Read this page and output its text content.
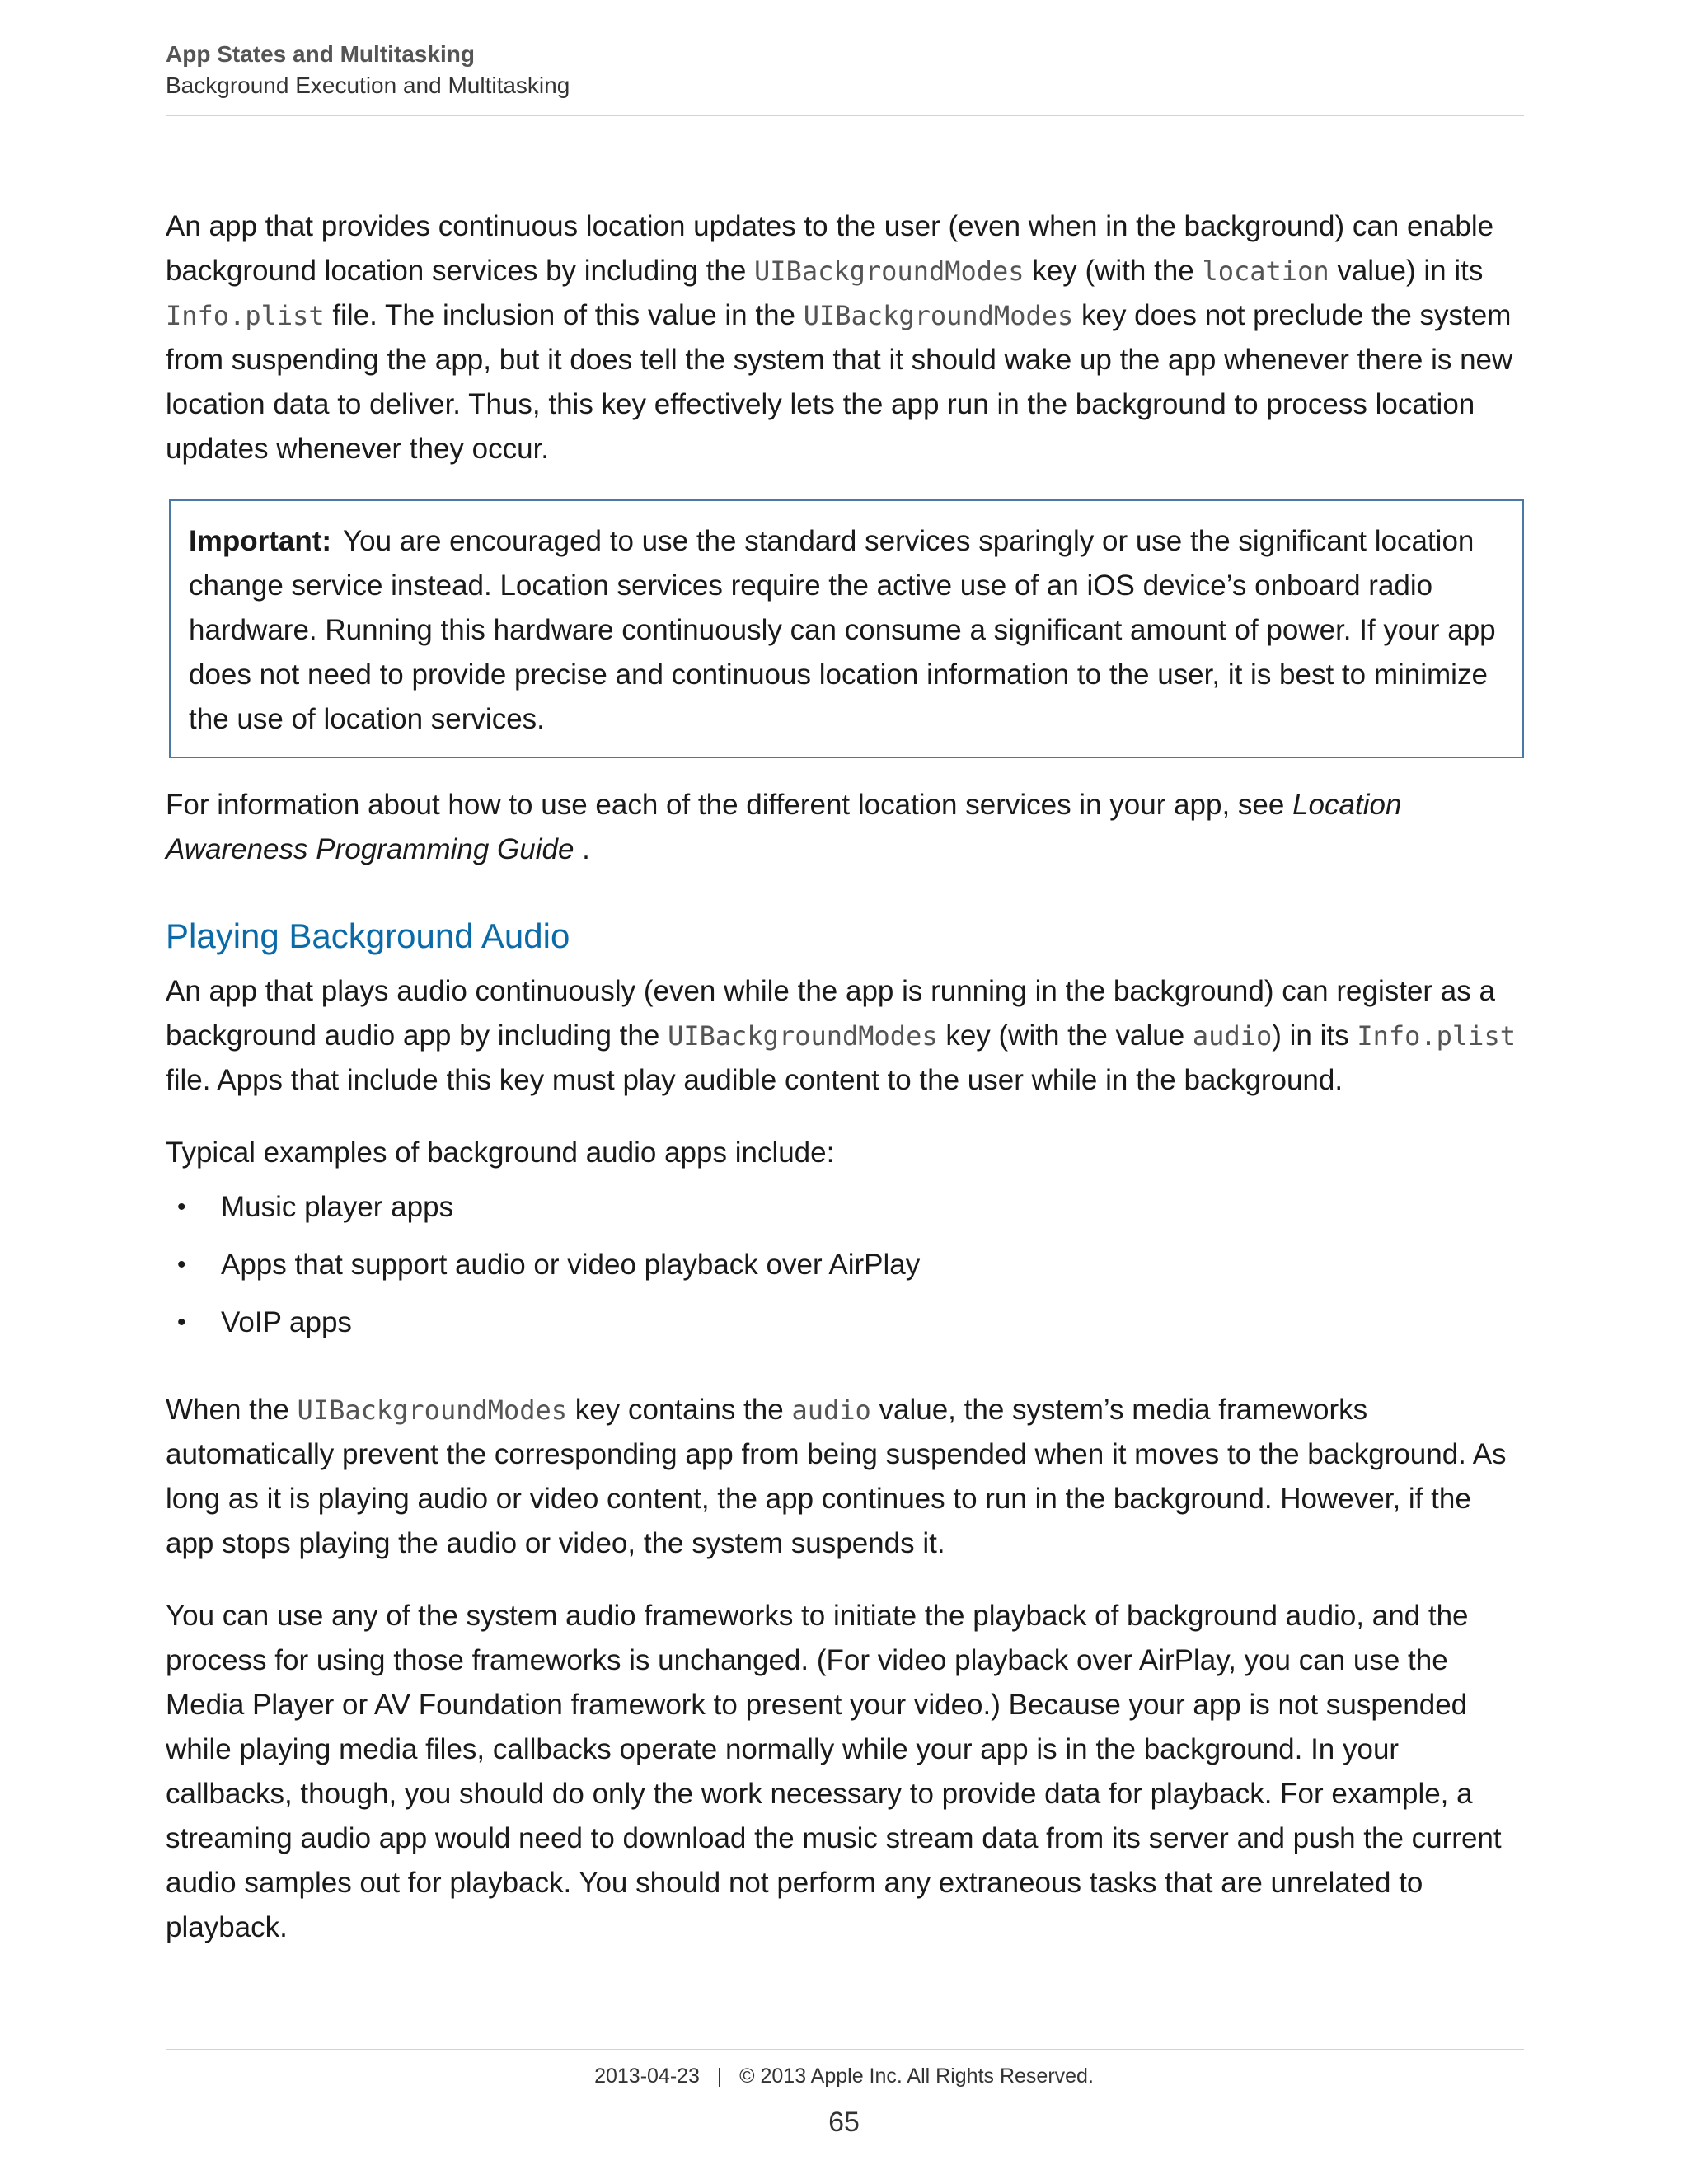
App States and Multitasking
Background Execution and Multitasking

An app that provides continuous location updates to the user (even when in the background) can enable background location services by including the UIBackgroundModes key (with the location value) in its Info.plist file. The inclusion of this value in the UIBackgroundModes key does not preclude the system from suspending the app, but it does tell the system that it should wake up the app whenever there is new location data to deliver. Thus, this key effectively lets the app run in the background to process location updates whenever they occur.

Important: You are encouraged to use the standard services sparingly or use the significant location change service instead. Location services require the active use of an iOS device’s onboard radio hardware. Running this hardware continuously can consume a significant amount of power. If your app does not need to provide precise and continuous location information to the user, it is best to minimize the use of location services.

For information about how to use each of the different location services in your app, see Location Awareness Programming Guide .

Playing Background Audio

An app that plays audio continuously (even while the app is running in the background) can register as a background audio app by including the UIBackgroundModes key (with the value audio) in its Info.plist file. Apps that include this key must play audible content to the user while in the background.

Typical examples of background audio apps include:

• Music player apps
• Apps that support audio or video playback over AirPlay
• VoIP apps

When the UIBackgroundModes key contains the audio value, the system’s media frameworks automatically prevent the corresponding app from being suspended when it moves to the background. As long as it is playing audio or video content, the app continues to run in the background. However, if the app stops playing the audio or video, the system suspends it.

You can use any of the system audio frameworks to initiate the playback of background audio, and the process for using those frameworks is unchanged. (For video playback over AirPlay, you can use the Media Player or AV Foundation framework to present your video.) Because your app is not suspended while playing media files, callbacks operate normally while your app is in the background. In your callbacks, though, you should do only the work necessary to provide data for playback. For example, a streaming audio app would need to download the music stream data from its server and push the current audio samples out for playback. You should not perform any extraneous tasks that are unrelated to playback.

2013-04-23   |   © 2013 Apple Inc. All Rights Reserved.
65
